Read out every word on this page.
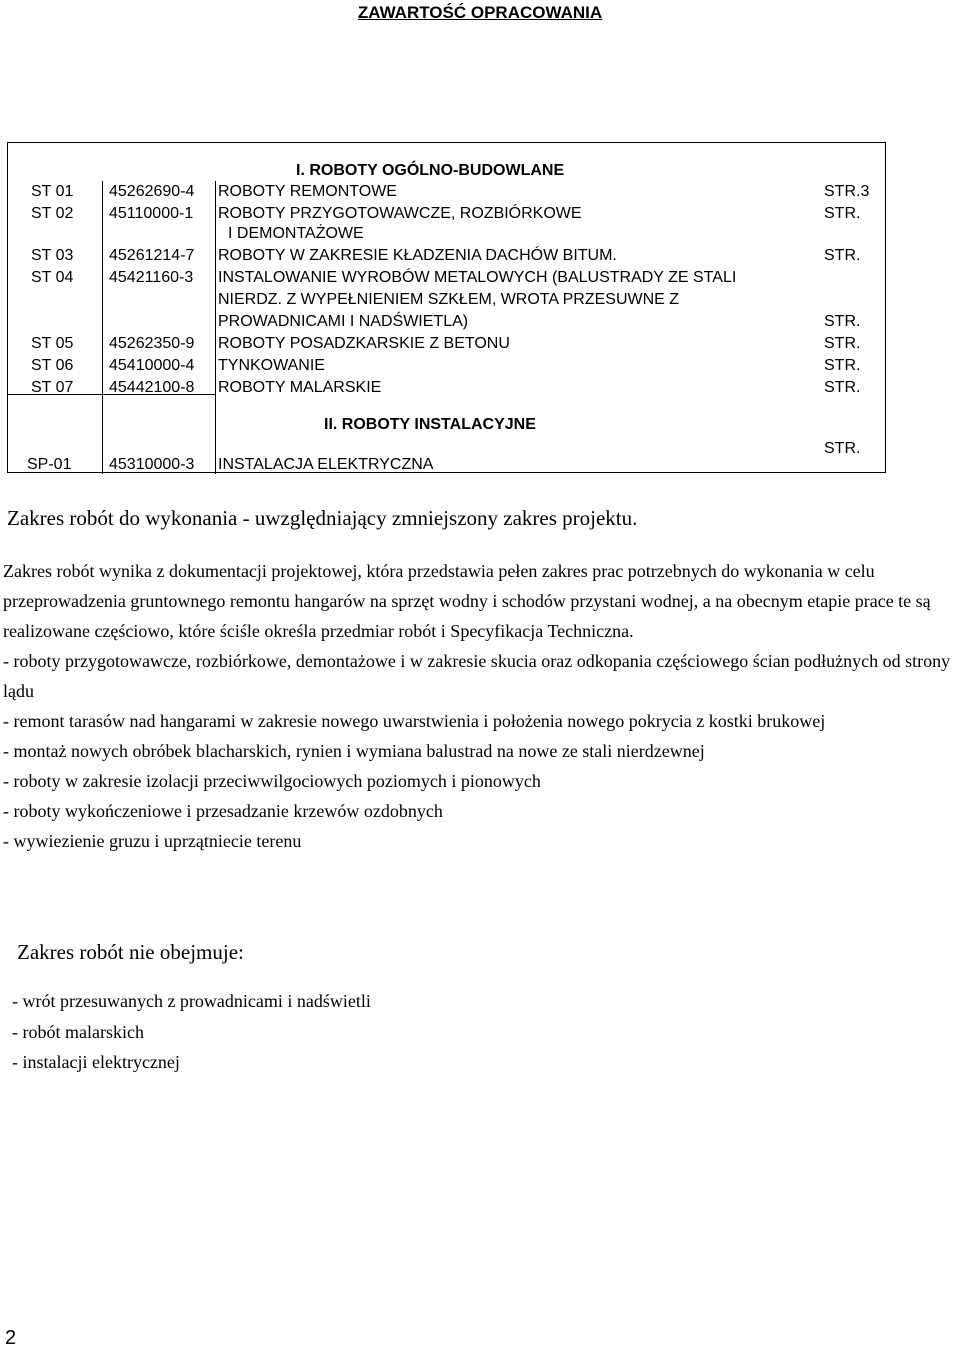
ZAWARTOŚĆ OPRACOWANIA
I. ROBOTY OGÓLNO-BUDOWLANE
ST 01 45262690-4 ROBOTY REMONTOWE	STR.3
ST 02 45110000-1 ROBOTY PRZYGOTOWAWCZE, ROZBIÓRKOWE
I DEMONTAŻOWE
STR.
ST 03 45261214-7 ROBOTY W ZAKRESIE KŁADZENIA DACHÓW BITUM.	STR.
ST 04 45421160-3 INSTALOWANIE WYROBÓW METALOWYCH (BALUSTRADY ZE STALI
NIERDZ. Z WYPEŁNIENIEM SZKŁEM, WROTA PRZESUWNE Z
PROWADNICAMI I NADŚWIETLA)	STR.
ST 05 45262350-9 ROBOTY POSADZKARSKIE Z BETONU	STR.
ST 06 45410000-4 TYNKOWANIE	STR.
ST 07 45442100-8 ROBOTY MALARSKIE	STR.
II. ROBOTY INSTALACYJNE
SP-01 45310000-3 INSTALACJA ELEKTRYCZNA
STR.
Zakres robót do wykonania - uwzględniający zmniejszony zakres projektu.

Zakres robót wynika z dokumentacji projektowej, która przedstawia pełen zakres prac potrzebnych do wykonania w celu przeprowadzenia gruntownego remontu hangarów na sprzęt wodny i schodów przystani wodnej, a na obecnym etapie prace te są realizowane częściowo, które ściśle określa przedmiar robót i Specyfikacja Techniczna.

- roboty przygotowawcze, rozbiórkowe, demontażowe i w zakresie skucia oraz odkopania częściowego ścian podłużnych od strony lądu

- remont tarasów nad hangarami w zakresie nowego uwarstwienia i położenia nowego pokrycia z kostki brukowej

- montaż nowych obróbek blacharskich, rynien i wymiana balustrad na nowe ze stali nierdzewnej

- roboty w zakresie izolacji przeciwwilgociowych poziomych i pionowych

- roboty wykończeniowe i przesadzanie krzewów ozdobnych

- wywiezienie gruzu i uprzątniecie terenu

Zakres robót nie obejmuje:
- wrót przesuwanych z prowadnicami i nadświetli
- robót malarskich
- instalacji elektrycznej
2
